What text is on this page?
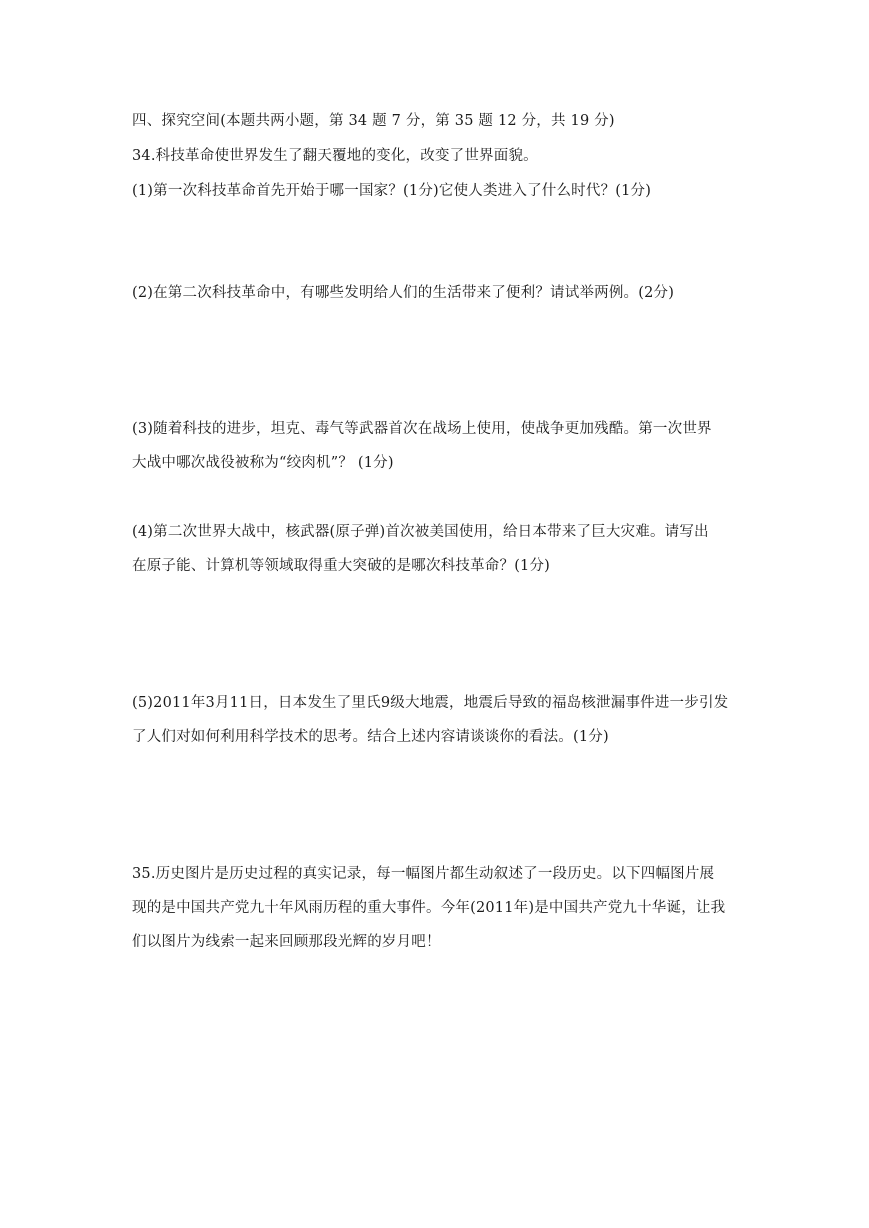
四、探究空间(本题共两小题，第 34 题 7 分，第 35 题 12 分，共 19 分)
34.科技革命使世界发生了翻天覆地的变化，改变了世界面貌。
(1)第一次科技革命首先开始于哪一国家？(1分)它使人类进入了什么时代？(1分)
(2)在第二次科技革命中，有哪些发明给人们的生活带来了便利？请试举两例。(2分)
(3)随着科技的进步，坦克、毒气等武器首次在战场上使用，使战争更加残酷。第一次世界
大战中哪次战役被称为“绞肉机”？ (1分)
(4)第二次世界大战中，核武器(原子弹)首次被美国使用，给日本带来了巨大灾难。请写出
在原子能、计算机等领域取得重大突破的是哪次科技革命？(1分)
(5)2011年3月11日，日本发生了里氏9级大地震，地震后导致的福岛核泄漏事件进一步引发
了人们对如何利用科学技术的思考。结合上述内容请谈谈你的看法。(1分)
35.历史图片是历史过程的真实记录，每一幅图片都生动叙述了一段历史。以下四幅图片展
现的是中国共产党九十年风雨历程的重大事件。今年(2011年)是中国共产党九十华诞，让我
们以图片为线索一起来回顾那段光辉的岁月吧！
